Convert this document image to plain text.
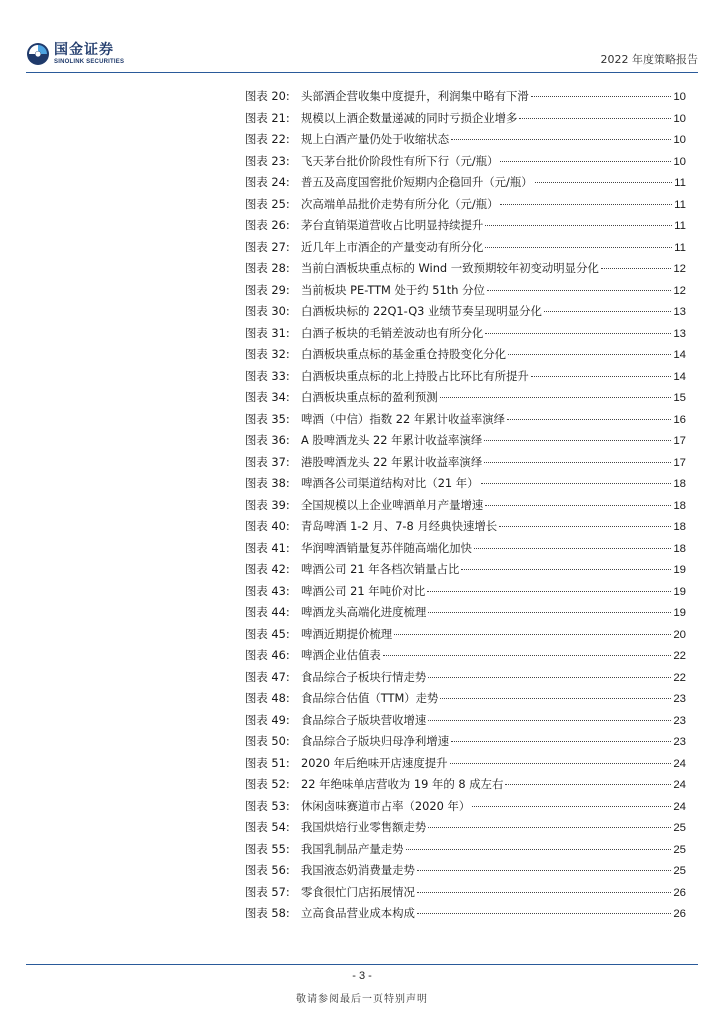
国金证券
SINOLINK SECURITIES	2022 年度策略报告
图表 20: 头部酒企营收集中度提升，利润集中略有下滑	10
图表 21: 规模以上酒企数量递减的同时亏损企业增多	10
图表 22: 规上白酒产量仍处于收缩状态	10
图表 23: 飞天茅台批价阶段性有所下行（元/瓶）	10
图表 24: 普五及高度国窖批价短期内企稳回升（元/瓶）	11
图表 25: 次高端单品批价走势有所分化（元/瓶）	11
图表 26: 茅台直销渠道营收占比明显持续提升	11
图表 27: 近几年上市酒企的产量变动有所分化	11
图表 28: 当前白酒板块重点标的 Wind 一致预期较年初变动明显分化	12
图表 29: 当前板块 PE-TTM 处于约 51th 分位	12
图表 30: 白酒板块标的 22Q1-Q3 业绩节奏呈现明显分化	13
图表 31: 白酒子板块的毛销差波动也有所分化	13
图表 32: 白酒板块重点标的基金重仓持股变化分化	14
图表 33: 白酒板块重点标的北上持股占比环比有所提升	14
图表 34: 白酒板块重点标的盈利预测	15
图表 35: 啤酒（中信）指数 22 年累计收益率演绎	16
图表 36: A 股啤酒龙头 22 年累计收益率演绎	17
图表 37: 港股啤酒龙头 22 年累计收益率演绎	17
图表 38: 啤酒各公司渠道结构对比（21 年）	18
图表 39: 全国规模以上企业啤酒单月产量增速	18
图表 40: 青岛啤酒 1-2 月、7-8 月经典快速增长	18
图表 41: 华润啤酒销量复苏伴随高端化加快	18
图表 42: 啤酒公司 21 年各档次销量占比	19
图表 43: 啤酒公司 21 年吨价对比	19
图表 44: 啤酒龙头高端化进度梳理	19
图表 45: 啤酒近期提价梳理	20
图表 46: 啤酒企业估值表	22
图表 47: 食品综合子板块行情走势	22
图表 48: 食品综合估值（TTM）走势	23
图表 49: 食品综合子版块营收增速	23
图表 50: 食品综合子版块归母净利增速	23
图表 51: 2020 年后绝味开店速度提升	24
图表 52: 22 年绝味单店营收为 19 年的 8 成左右	24
图表 53: 休闲卤味赛道市占率（2020 年）	24
图表 54: 我国烘焙行业零售额走势	25
图表 55: 我国乳制品产量走势	25
图表 56: 我国液态奶消费量走势	25
图表 57: 零食很忙门店拓展情况	26
图表 58: 立高食品营业成本构成	26
- 3 -
敬请参阅最后一页特别声明
